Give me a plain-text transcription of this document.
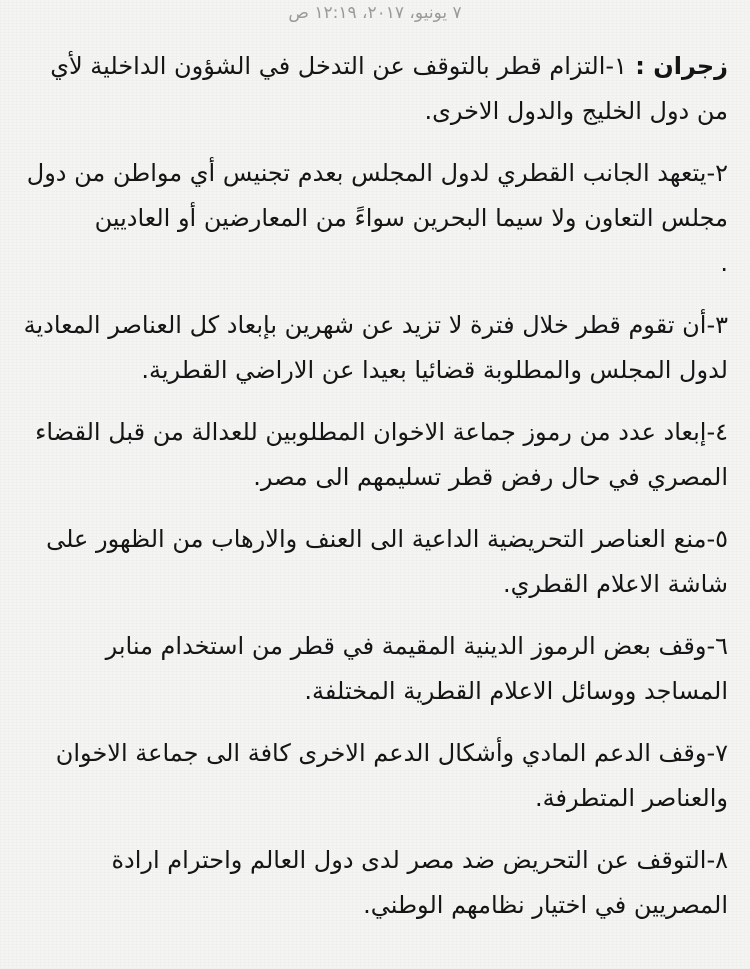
٧ يونيو، ٢٠١٧، ١٢:١٩ ص
زجران : ١-التزام قطر بالتوقف عن التدخل في الشؤون الداخلية لأي من دول الخليج والدول الاخرى.
٢-يتعهد الجانب القطري لدول المجلس بعدم تجنيس أي مواطن من دول مجلس التعاون ولا سيما البحرين سواءً من المعارضين أو العاديين
.
٣-أن تقوم قطر خلال فترة لا تزيد عن شهرين بإبعاد كل العناصر المعادية لدول المجلس والمطلوبة قضائيا بعيدا عن الاراضي القطرية.
٤-إبعاد عدد من رموز جماعة الاخوان المطلوبين للعدالة من قبل القضاء المصري في حال رفض قطر تسليمهم الى مصر.
٥-منع العناصر التحريضية الداعية الى العنف والارهاب من الظهور على شاشة الاعلام القطري.
٦-وقف بعض الرموز الدينية المقيمة في قطر من استخدام منابر المساجد ووسائل الاعلام القطرية المختلفة.
٧-وقف الدعم المادي وأشكال الدعم الاخرى كافة الى جماعة الاخوان والعناصر المتطرفة.
٨-التوقف عن التحريض ضد مصر لدى دول العالم واحترام ارادة المصريين في اختيار نظامهم الوطني.
